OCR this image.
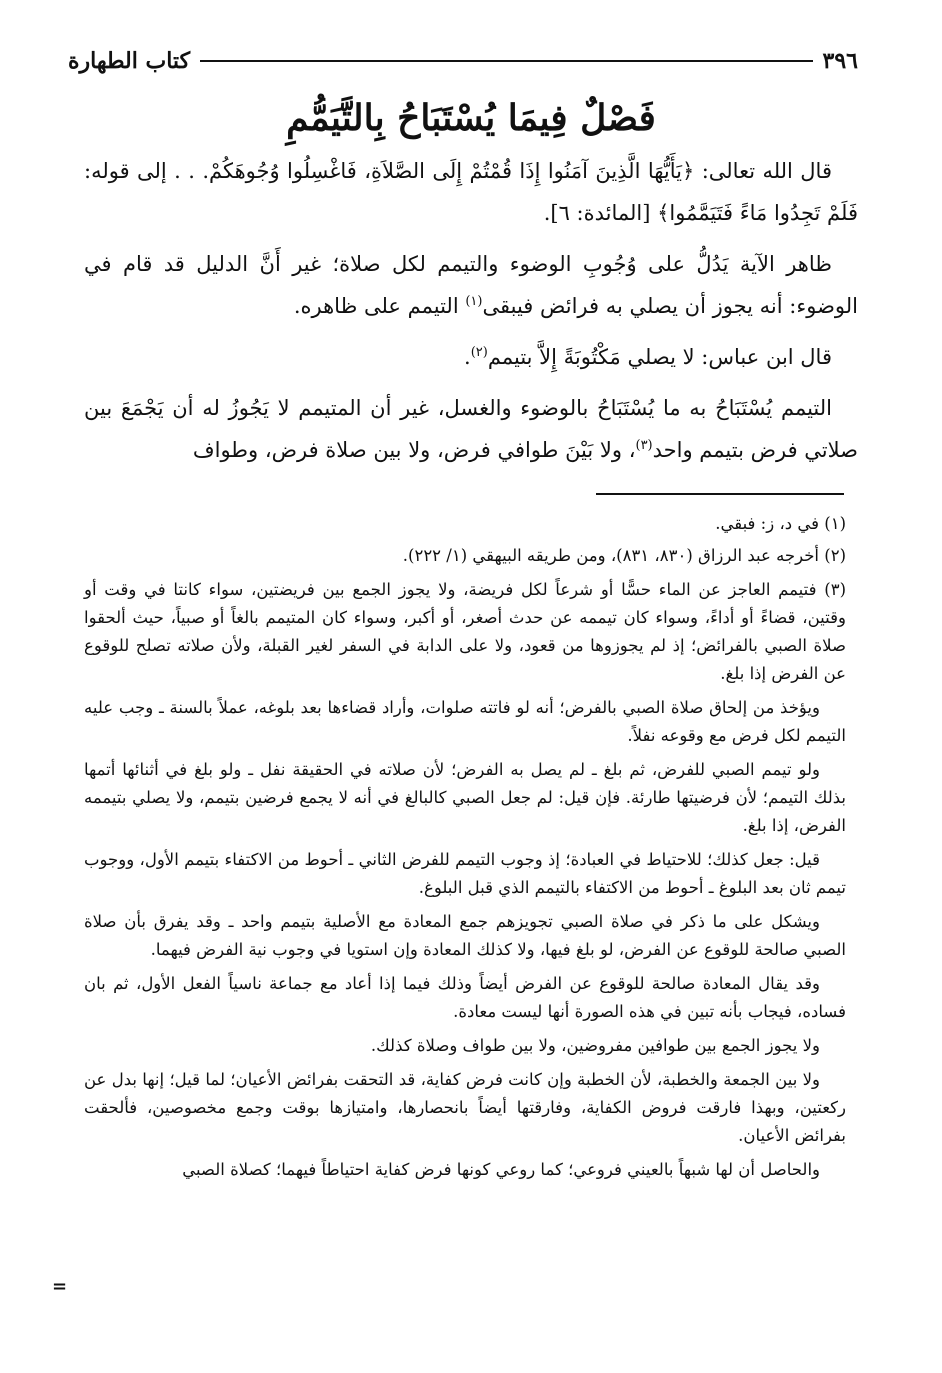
٣٩٦
كتاب الطهارة
فَصْلٌ فِيمَا يُسْتَبَاحُ بِالتَّيَمُّمِ

قال الله تعالى: ﴿يَأَيُّهَا الَّذِينَ آمَنُوا إِذَا قُمْتُمْ إِلَى الصَّلاَةِ، فَاغْسِلُوا وُجُوهَكُمْ. . . إلى قوله: فَلَمْ تَجِدُوا مَاءً فَتَيَمَّمُوا﴾ [المائدة: ٦].

ظاهر الآية يَدُلُّ على وُجُوبِ الوضوء والتيمم لكل صلاة؛ غير أَنَّ الدليل قد قام في الوضوء: أنه يجوز أن يصلي به فرائض فيبقى$^{(١)}$ التيمم على ظاهره.

قال ابن عباس: لا يصلي مَكْتُوبَةً إِلاَّ بتيمم$^{(٢)}$.

التيمم يُسْتَبَاحُ به ما يُسْتَبَاحُ بالوضوء والغسل، غير أن المتيمم لا يَجُوزُ له أن يَجْمَعَ بين صلاتي فرض بتيمم واحد$^{(٣)}$، ولا بَيْنَ طوافي فرض، ولا بين صلاة فرض، وطواف

(١) في د، ز: فبقي.

(٢) أخرجه عبد الرزاق (٨٣٠، ٨٣١)، ومن طريقه البيهقي (١/ ٢٢٢).

(٣) فتيمم العاجز عن الماء حسًّا أو شرعاً لكل فريضة، ولا يجوز الجمع بين فريضتين، سواء كانتا في وقت أو وقتين، قضاءً أو أداءً، وسواء كان تيممه عن حدث أصغر، أو أكبر، وسواء كان المتيمم بالغاً أو صبياً، حيث ألحقوا صلاة الصبي بالفرائض؛ إذ لم يجوزوها من قعود، ولا على الدابة في السفر لغير القبلة، ولأن صلاته تصلح للوقوع عن الفرض إذا بلغ.

ويؤخذ من إلحاق صلاة الصبي بالفرض؛ أنه لو فاتته صلوات، وأراد قضاءها بعد بلوغه، عملاً بالسنة ـ وجب عليه التيمم لكل فرض مع وقوعه نفلاً.

ولو تيمم الصبي للفرض، ثم بلغ ـ لم يصل به الفرض؛ لأن صلاته في الحقيقة نفل ـ ولو بلغ في أثنائها أتمها بذلك التيمم؛ لأن فرضيتها طارئة. فإن قيل: لم جعل الصبي كالبالغ في أنه لا يجمع فرضين بتيمم، ولا يصلي بتيممه الفرض، إذا بلغ.

قيل: جعل كذلك؛ للاحتياط في العبادة؛ إذ وجوب التيمم للفرض الثاني ـ أحوط من الاكتفاء بتيمم الأول، ووجوب تيمم ثان بعد البلوغ ـ أحوط من الاكتفاء بالتيمم الذي قبل البلوغ.

ويشكل على ما ذكر في صلاة الصبي تجويزهم جمع المعادة مع الأصلية بتيمم واحد ـ وقد يفرق بأن صلاة الصبي صالحة للوقوع عن الفرض، لو بلغ فيها، ولا كذلك المعادة وإن استويا في وجوب نية الفرض فيهما.

وقد يقال المعادة صالحة للوقوع عن الفرض أيضاً وذلك فيما إذا أعاد مع جماعة ناسياً الفعل الأول، ثم بان فساده، فيجاب بأنه تبين في هذه الصورة أنها ليست معادة.

ولا يجوز الجمع بين طوافين مفروضين، ولا بين طواف وصلاة كذلك.

ولا بين الجمعة والخطبة، لأن الخطبة وإن كانت فرض كفاية، قد التحقت بفرائض الأعيان؛ لما قيل؛ إنها بدل عن ركعتين، وبهذا فارقت فروض الكفاية، وفارقتها أيضاً بانحصارها، وامتيازها بوقت وجمع مخصوصين، فألحقت بفرائض الأعيان.

والحاصل أن لها شبهاً بالعيني فروعي؛ كما روعي كونها فرض كفاية احتياطاً فيهما؛ كصلاة الصبي

=
